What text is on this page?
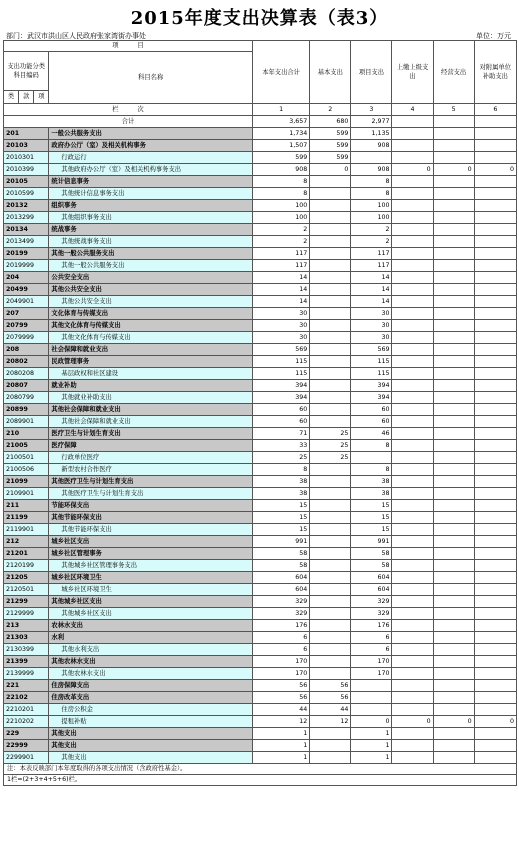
2015年度支出决算表（表3）
部门：武汉市洪山区人民政府张家湾街办事处	单位：万元
项　　　目				本年支出合计	基本支出	项目支出	上缴上级支出	经营支出	对附属单位补助支出
支出功能分类科目编码			科目名称						
类	款	项							
栏　　　次				1	2	3	4	5	6
合计				3,657	680	2,977			
201			一般公共服务支出	1,734	599	1,135			
20103			政府办公厅（室）及相关机构事务	1,507	599	908			
2010301			行政运行	599	599				
2010399			其他政府办公厅（室）及相关机构事务支出	908	0	908	0	0	0
20105			统计信息事务	8		8			
2010599			其他统计信息事务支出	8		8			
20132			组织事务	100		100			
2013299			其他组织事务支出	100		100			
20134			统战事务	2		2			
2013499			其他统战事务支出	2		2			
20199			其他一般公共服务支出	117		117			
2019999			其他一般公共服务支出	117		117			
204			公共安全支出	14		14			
20499			其他公共安全支出	14		14			
2049901			其他公共安全支出	14		14			
207			文化体育与传媒支出	30		30			
20799			其他文化体育与传媒支出	30		30			
2079999			其他文化体育与传媒支出	30		30			
208			社会保障和就业支出	569		569			
20802			民政管理事务	115		115			
2080208			基层政权和社区建设	115		115			
20807			就业补助	394		394			
2080799			其他就业补助支出	394		394			
20899			其他社会保障和就业支出	60		60			
2089901			其他社会保障和就业支出	60		60			
210			医疗卫生与计划生育支出	71	25	46			
21005			医疗保障	33	25	8			
2100501			行政单位医疗	25	25				
2100506			新型农村合作医疗	8		8			
21099			其他医疗卫生与计划生育支出	38		38			
2109901			其他医疗卫生与计划生育支出	38		38			
211			节能环保支出	15		15			
21199			其他节能环保支出	15		15			
2119901			其他节能环保支出	15		15			
212			城乡社区支出	991		991			
21201			城乡社区管理事务	58		58			
2120199			其他城乡社区管理事务支出	58		58			
21205			城乡社区环境卫生	604		604			
2120501			城乡社区环境卫生	604		604			
21299			其他城乡社区支出	329		329			
2129999			其他城乡社区支出	329		329			
213			农林水支出	176		176			
21303			水利	6		6			
2130399			其他水利支出	6		6			
21399			其他农林水支出	170		170			
2139999			其他农林水支出	170		170			
221			住房保障支出	56	56				
22102			住房改革支出	56	56				
2210201			住房公积金	44	44				
2210202			提租补贴	12	12	0	0	0	0
229			其他支出	1		1			
22999			其他支出	1		1			
2299901			其他支出	1		1			
注：本表反映部门本年度取得的各项支出情况（含政府性基金）。
1栏=(2+3+4+5+6)栏。
